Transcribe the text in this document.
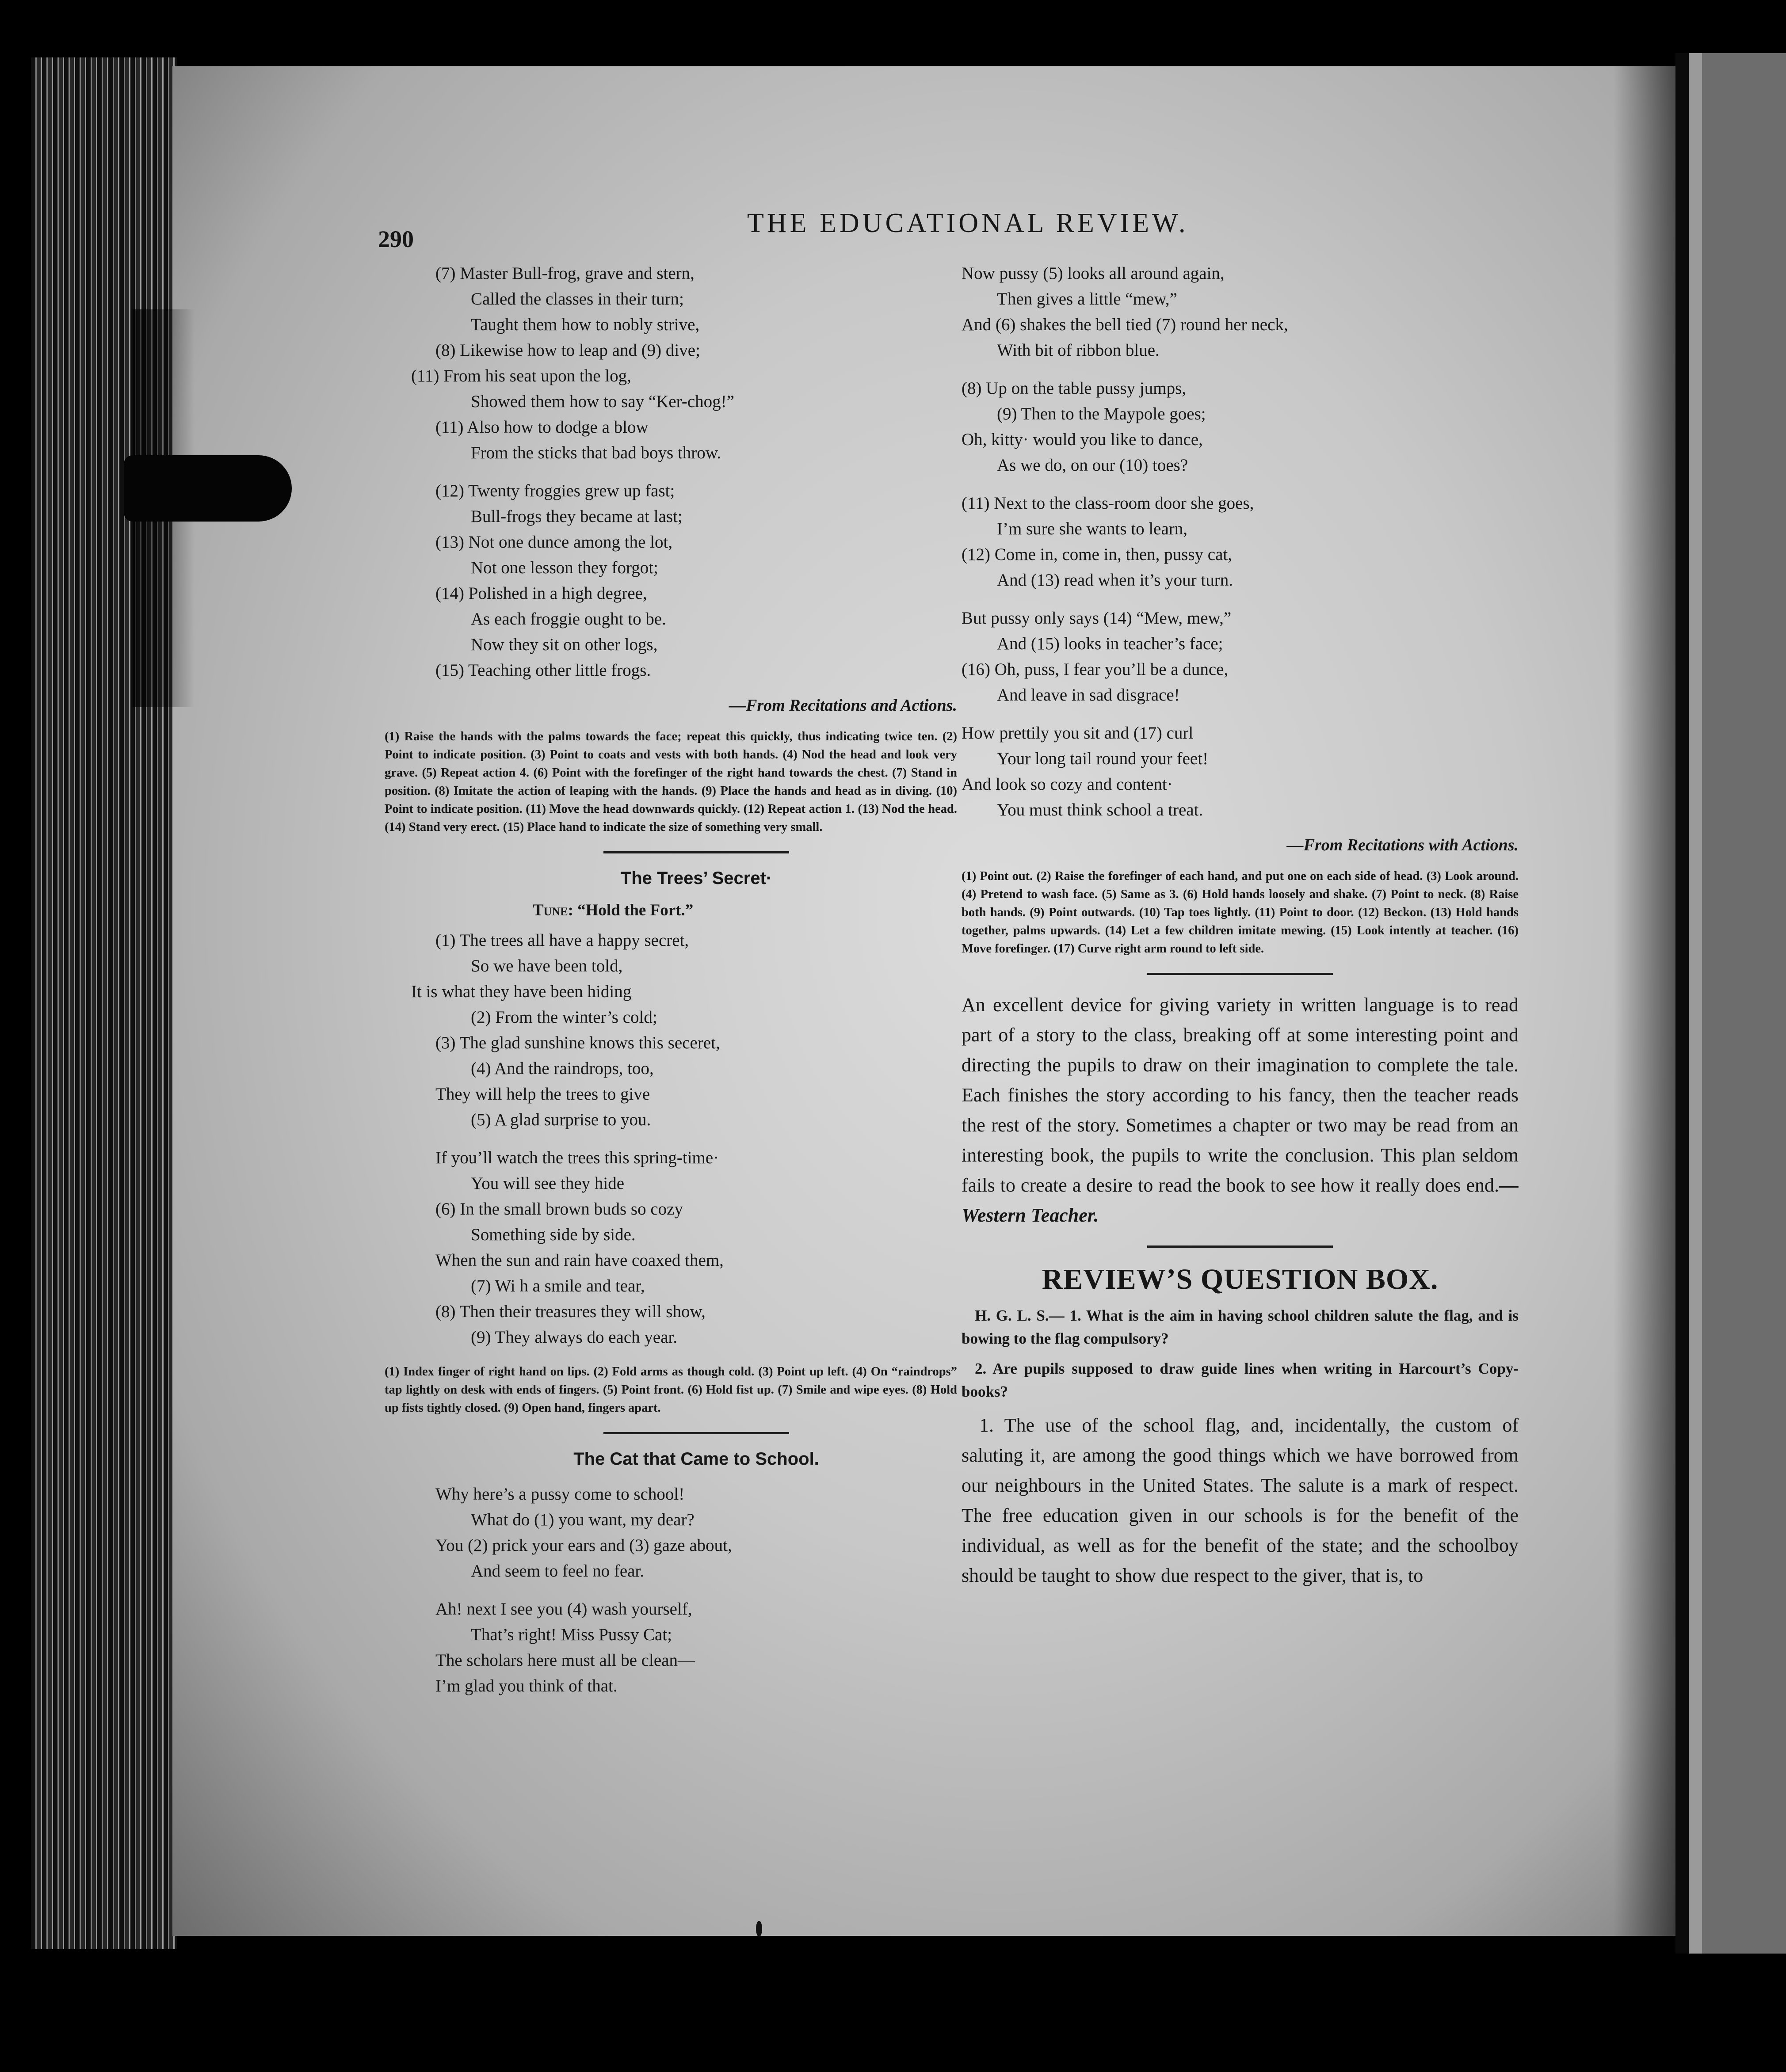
290
THE EDUCATIONAL REVIEW.
(7) Master Bull-frog, grave and stern,
Called the classes in their turn;
Taught them how to nobly strive,
(8) Likewise how to leap and (9) dive;
(11) From his seat upon the log,
Showed them how to say “Ker-chog!”
(11) Also how to dodge a blow
From the sticks that bad boys throw.
(12) Twenty froggies grew up fast;
Bull-frogs they became at last;
(13) Not one dunce among the lot,
Not one lesson they forgot;
(14) Polished in a high degree,
As each froggie ought to be.
Now they sit on other logs,
(15) Teaching other little frogs.
—From Recitations and Actions.
(1) Raise the hands with the palms towards the face; repeat this quickly, thus indicating twice ten. (2) Point to indicate position. (3) Point to coats and vests with both hands. (4) Nod the head and look very grave. (5) Repeat action 4. (6) Point with the forefinger of the right hand towards the chest. (7) Stand in position. (8) Imitate the action of leaping with the hands. (9) Place the hands and head as in diving. (10) Point to indicate position. (11) Move the head downwards quickly. (12) Repeat action 1. (13) Nod the head. (14) Stand very erect. (15) Place hand to indicate the size of something very small.
The Trees’ Secret·
Tune: “Hold the Fort.”
(1) The trees all have a happy secret,
So we have been told,
It is what they have been hiding
(2) From the winter’s cold;
(3) The glad sunshine knows this seceret,
(4) And the raindrops, too,
They will help the trees to give
(5) A glad surprise to you.
If you’ll watch the trees this spring-time·
You will see they hide
(6) In the small brown buds so cozy
Something side by side.
When the sun and rain have coaxed them,
(7) Wi h a smile and tear,
(8) Then their treasures they will show,
(9) They always do each year.
(1) Index finger of right hand on lips. (2) Fold arms as though cold. (3) Point up left. (4) On “raindrops” tap lightly on desk with ends of fingers. (5) Point front. (6) Hold fist up. (7) Smile and wipe eyes. (8) Hold up fists tightly closed. (9) Open hand, fingers apart.
The Cat that Came to School.
Why here’s a pussy come to school!
What do (1) you want, my dear?
You (2) prick your ears and (3) gaze about,
And seem to feel no fear.
Ah! next I see you (4) wash yourself,
That’s right! Miss Pussy Cat;
The scholars here must all be clean—
I’m glad you think of that.
Now pussy (5) looks all around again,
Then gives a little “mew,”
And (6) shakes the bell tied (7) round her neck,
With bit of ribbon blue.
(8) Up on the table pussy jumps,
(9) Then to the Maypole goes;
Oh, kitty· would you like to dance,
As we do, on our (10) toes?
(11) Next to the class-room door she goes,
I’m sure she wants to learn,
(12) Come in, come in, then, pussy cat,
And (13) read when it’s your turn.
But pussy only says (14) “Mew, mew,”
And (15) looks in teacher’s face;
(16) Oh, puss, I fear you’ll be a dunce,
And leave in sad disgrace!
How prettily you sit and (17) curl
Your long tail round your feet!
And look so cozy and content·
You must think school a treat.
—From Recitations with Actions.
(1) Point out. (2) Raise the forefinger of each hand, and put one on each side of head. (3) Look around. (4) Pretend to wash face. (5) Same as 3. (6) Hold hands loosely and shake. (7) Point to neck. (8) Raise both hands. (9) Point outwards. (10) Tap toes lightly. (11) Point to door. (12) Beckon. (13) Hold hands together, palms upwards. (14) Let a few children imitate mewing. (15) Look intently at teacher. (16) Move forefinger. (17) Curve right arm round to left side.

An excellent device for giving variety in written language is to read part of a story to the class, breaking off at some interesting point and directing the pupils to draw on their imagination to complete the tale. Each finishes the story according to his fancy, then the teacher reads the rest of the story. Sometimes a chapter or two may be read from an interesting book, the pupils to write the conclusion. This plan seldom fails to create a desire to read the book to see how it really does end.—Western Teacher.

REVIEW’S QUESTION BOX.

H. G. L. S.— 1. What is the aim in having school children salute the flag, and is bowing to the flag compulsory?

2. Are pupils supposed to draw guide lines when writing in Harcourt’s Copy-books?

1. The use of the school flag, and, incidentally, the custom of saluting it, are among the good things which we have borrowed from our neighbours in the United States. The salute is a mark of respect. The free education given in our schools is for the benefit of the individual, as well as for the benefit of the state; and the schoolboy should be taught to show due respect to the giver, that is, to
